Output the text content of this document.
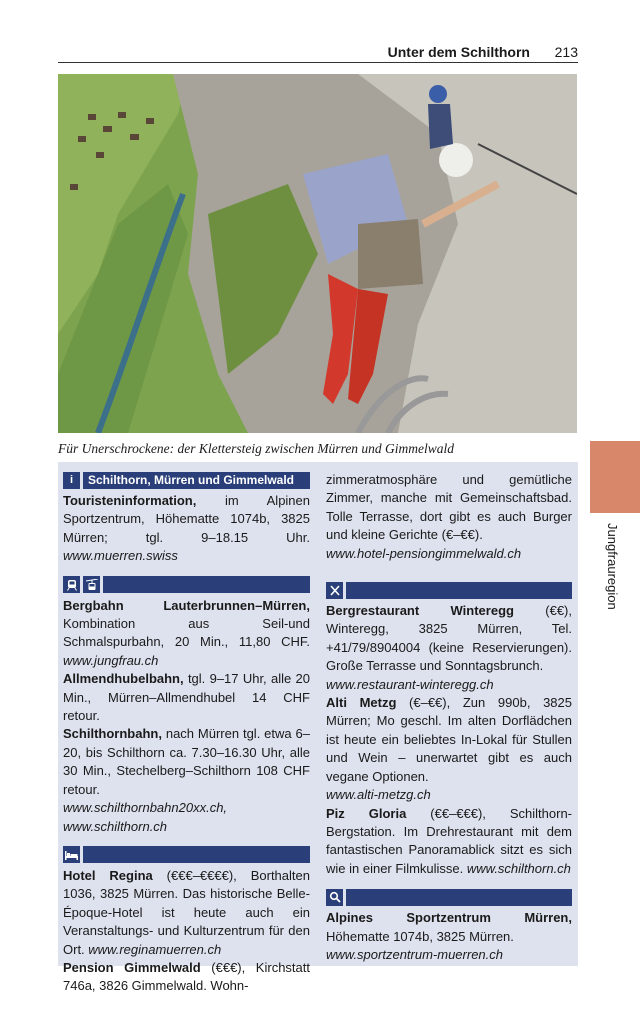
Unter dem Schilthorn 213
Für Unerschrockene: der Klettersteig zwischen Mürren und Gimmelwald
Jungfrauregion
i	Schilthorn, Mürren und Gimmelwald

Touristeninformation, im Alpinen Sportzentrum, Höhematte 1074b, 3825 Mürren; tgl. 9–18.15 Uhr. www.muerren.swiss

Bergbahn Lauterbrunnen–Mürren, Kombination aus Seil-und Schmalspurbahn, 20 Min., 11,80 CHF. www.jungfrau.ch

Allmendhubelbahn, tgl. 9–17 Uhr, alle 20 Min., Mürren–Allmendhubel 14 CHF retour.

Schilthornbahn, nach Mürren tgl. etwa 6–20, bis Schilthorn ca. 7.30–16.30 Uhr, alle 30 Min., Stechelberg–Schilthorn 108 CHF retour.
www.schilthornbahn20xx.ch,
www.schilthorn.ch

Hotel Regina (€€€–€€€€), Borthalten 1036, 3825 Mürren. Das historische Belle-Époque-Hotel ist heute auch ein Veranstaltungs- und Kulturzentrum für den Ort. www.reginamuerren.ch

Pension Gimmelwald (€€€), Kirchstatt 746a, 3826 Gimmelwald. Wohn-

zimmeratmosphäre und gemütliche Zimmer, manche mit Gemeinschaftsbad. Tolle Terrasse, dort gibt es auch Burger und kleine Gerichte (€–€€).
www.hotel-pensiongimmelwald.ch

Bergrestaurant Winteregg (€€), Winteregg, 3825 Mürren, Tel. +41/79/8904004 (keine Reservierungen). Große Terrasse und Sonntagsbrunch.
www.restaurant-winteregg.ch

Alti Metzg (€–€€), Zun 990b, 3825 Mürren; Mo geschl. Im alten Dorflädchen ist heute ein beliebtes In-Lokal für Stullen und Wein – unerwartet gibt es auch vegane Optionen.
www.alti-metzg.ch

Piz Gloria (€€–€€€), Schilthorn-Bergstation. Im Drehrestaurant mit dem fantastischen Panoramablick sitzt es sich wie in einer Filmkulisse. www.schilthorn.ch

Alpines Sportzentrum Mürren, Höhematte 1074b, 3825 Mürren.
www.sportzentrum-muerren.ch
